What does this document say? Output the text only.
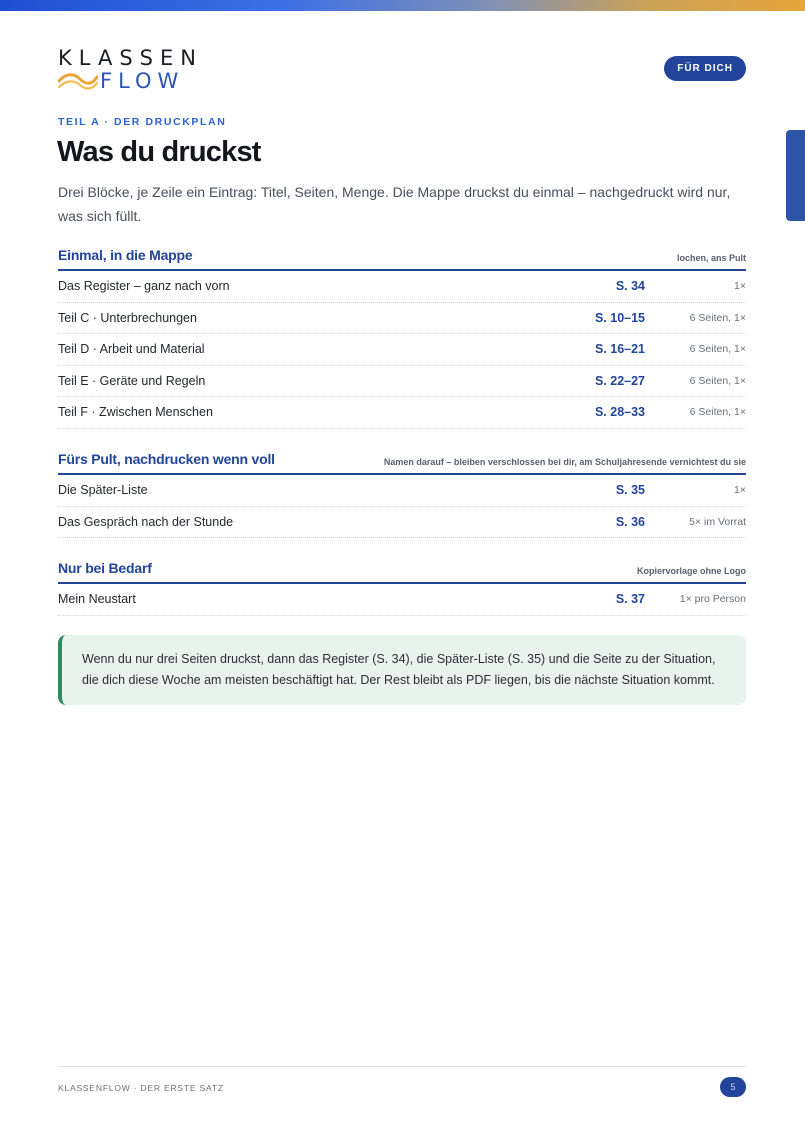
KLASSEN
FLOW
FÜR DICH
TEIL A · DER DRUCKPLAN
Was du druckst

Drei Blöcke, je Zeile ein Eintrag: Titel, Seiten, Menge. Die Mappe druckst du einmal – nachgedruckt wird nur, was sich füllt.

Einmal, in die Mappe	lochen, ans Pult
Das Register – ganz nach vorn	S. 34	1×
Teil C · Unterbrechungen	S. 10–15	6 Seiten, 1×
Teil D · Arbeit und Material	S. 16–21	6 Seiten, 1×
Teil E · Geräte und Regeln	S. 22–27	6 Seiten, 1×
Teil F · Zwischen Menschen	S. 28–33	6 Seiten, 1×
Fürs Pult, nachdrucken wenn voll	Namen darauf – bleiben verschlossen bei dir, am Schuljahresende vernichtest du sie
Die Später-Liste	S. 35	1×
Das Gespräch nach der Stunde	S. 36	5× im Vorrat
Nur bei Bedarf	Kopiervorlage ohne Logo
Mein Neustart	S. 37	1× pro Person
Wenn du nur drei Seiten druckst, dann das Register (S. 34), die Später-Liste (S. 35) und die Seite zu der Situation, die dich diese Woche am meisten beschäftigt hat. Der Rest bleibt als PDF liegen, bis die nächste Situation kommt.
KLASSENFLOW · DER ERSTE SATZ	5
